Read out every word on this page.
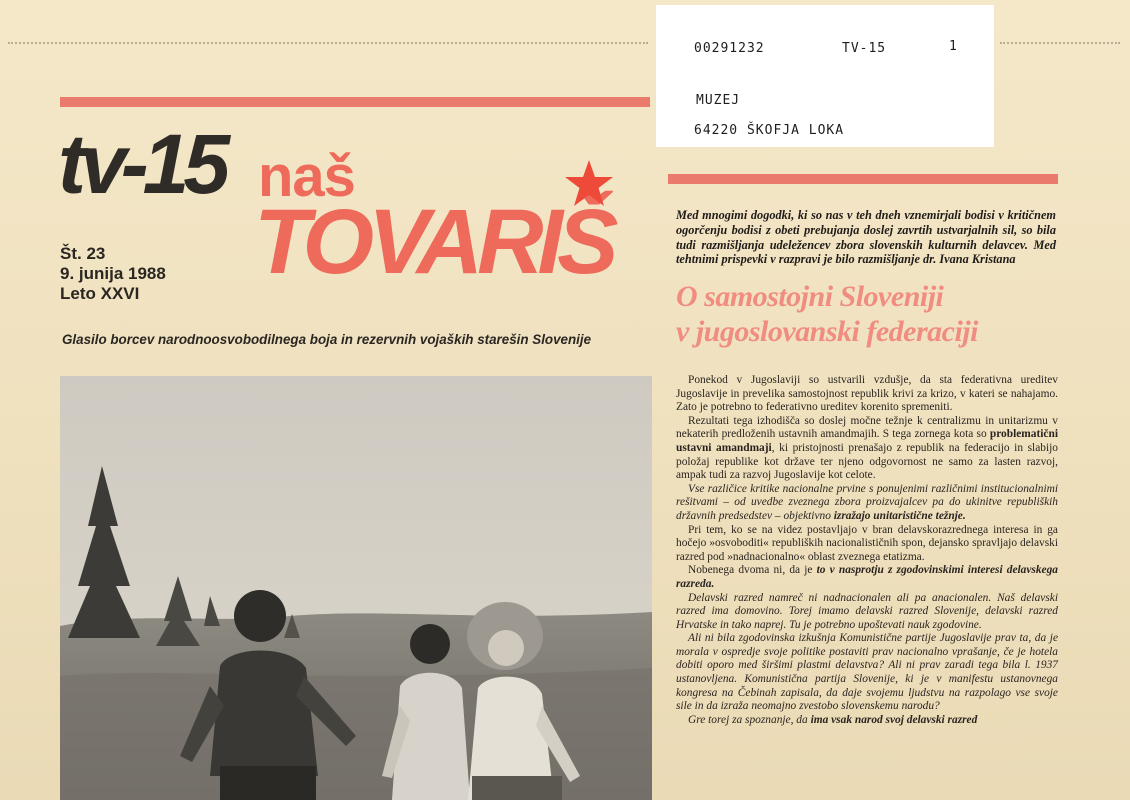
00291232	TV-15	1
MUZEJ
64220 ŠKOFJA LOKA
tv-15 naš
TOVARIŠ
Št. 23
9. junija 1988
Leto XXVI
Glasilo borcev narodnoosvobodilnega boja in rezervnih vojaških starešin Slovenije
Med mnogimi dogodki, ki so nas v teh dneh vznemirjali bodisi v kritičnem ogorčenju bodisi z obeti prebujanja doslej zavrtih ustvarjalnih sil, so bila tudi razmišljanja udeležencev zbora slovenskih kulturnih delavcev. Med tehtnimi prispevki v razpravi je bilo razmišljanje dr. Ivana Kristana
O samostojni Sloveniji
v jugoslovanski federaciji

Ponekod v Jugoslaviji so ustvarili vzdušje, da sta federativna ureditev Jugoslavije in prevelika samostojnost republik krivi za krizo, v kateri se nahajamo. Zato je potrebno to federativno ureditev korenito spremeniti.

Rezultati tega izhodišča so doslej močne težnje k centralizmu in unitarizmu v nekaterih predloženih ustavnih amandmajih. S tega zornega kota so problematični ustavni amandmaji, ki pristojnosti prenašajo z republik na federacijo in slabijo položaj republike kot države ter njeno odgovornost ne samo za lasten razvoj, ampak tudi za razvoj Jugoslavije kot celote.

Vse različice kritike nacionalne prvine s ponujenimi različnimi institucionalnimi rešitvami – od uvedbe zveznega zbora proizvajalcev pa do ukinitve republiških državnih predsedstev – objektivno izražajo unitaristične težnje.

Pri tem, ko se na videz postavljajo v bran delavskorazrednega interesa in ga hočejo »osvoboditi« republiških nacionalističnih spon, dejansko spravljajo delavski razred pod »nadnacionalno« oblast zveznega etatizma.

Nobenega dvoma ni, da je to v nasprotju z zgodovinskimi interesi delavskega razreda.

Delavski razred namreč ni nadnacionalen ali pa anacionalen. Naš delavski razred ima domovino. Torej imamo delavski razred Slovenije, delavski razred Hrvatske in tako naprej. Tu je potrebno upoštevati nauk zgodovine.

Ali ni bila zgodovinska izkušnja Komunistične partije Jugoslavije prav ta, da je morala v ospredje svoje politike postaviti prav nacionalno vprašanje, če je hotela dobiti oporo med širšimi plastmi delavstva? Ali ni prav zaradi tega bila l. 1937 ustanovljena. Komunistična partija Slovenije, ki je v manifestu ustanovnega kongresa na Čebinah zapisala, da daje svojemu ljudstvu na razpolago vse svoje sile in da izraža neomajno zvestobo slovenskemu narodu?

Gre torej za spoznanje, da ima vsak narod svoj delavski razred
